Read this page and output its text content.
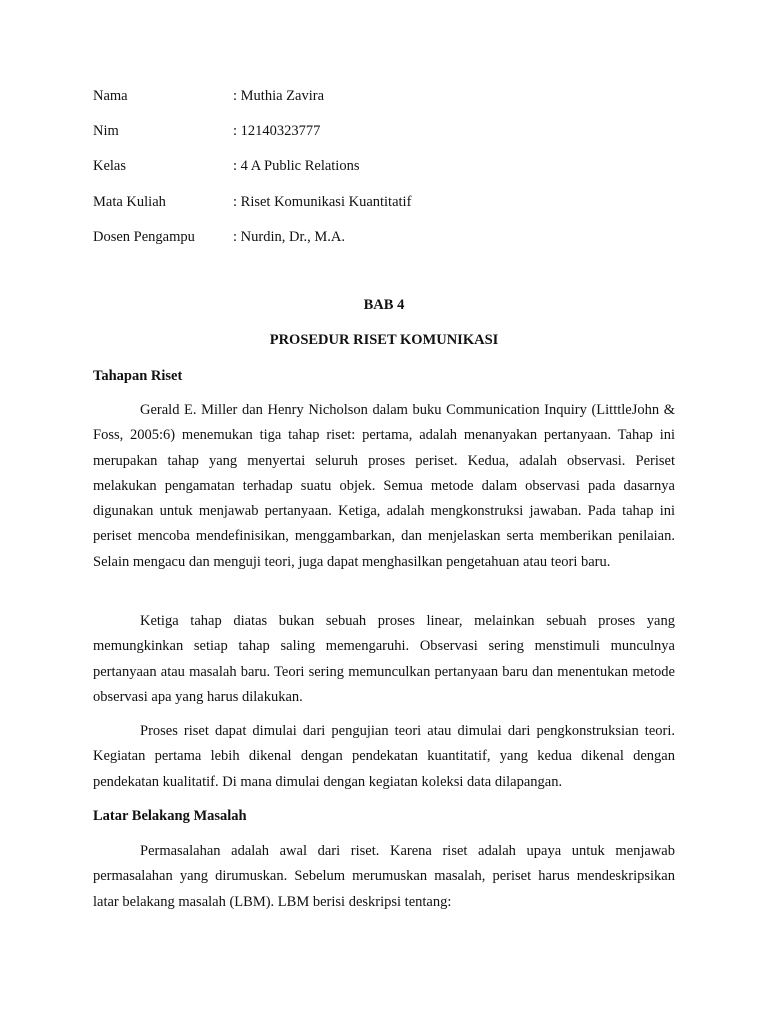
Nama	: Muthia Zavira
Nim	: 12140323777
Kelas	: 4 A Public Relations
Mata Kuliah	: Riset Komunikasi Kuantitatif
Dosen Pengampu	: Nurdin, Dr., M.A.
BAB 4
PROSEDUR RISET KOMUNIKASI
Tahapan Riset

Gerald E. Miller dan Henry Nicholson dalam buku Communication Inquiry (LitttleJohn & Foss, 2005:6) menemukan tiga tahap riset: pertama, adalah menanyakan pertanyaan. Tahap ini merupakan tahap yang menyertai seluruh proses periset. Kedua, adalah observasi. Periset melakukan pengamatan terhadap suatu objek. Semua metode dalam observasi pada dasarnya digunakan untuk menjawab pertanyaan. Ketiga, adalah mengkonstruksi jawaban. Pada tahap ini periset mencoba mendefinisikan, menggambarkan, dan menjelaskan serta memberikan penilaian. Selain mengacu dan menguji teori, juga dapat menghasilkan pengetahuan atau teori baru.

Ketiga tahap diatas bukan sebuah proses linear, melainkan sebuah proses yang memungkinkan setiap tahap saling memengaruhi. Observasi sering menstimuli munculnya pertanyaan atau masalah baru. Teori sering memunculkan pertanyaan baru dan menentukan metode observasi apa yang harus dilakukan.

Proses riset dapat dimulai dari pengujian teori atau dimulai dari pengkonstruksian teori. Kegiatan pertama lebih dikenal dengan pendekatan kuantitatif, yang kedua dikenal dengan pendekatan kualitatif. Di mana dimulai dengan kegiatan koleksi data dilapangan.

Latar Belakang Masalah

Permasalahan adalah awal dari riset. Karena riset adalah upaya untuk menjawab permasalahan yang dirumuskan. Sebelum merumuskan masalah, periset harus mendeskripsikan latar belakang masalah (LBM). LBM berisi deskripsi tentang:
